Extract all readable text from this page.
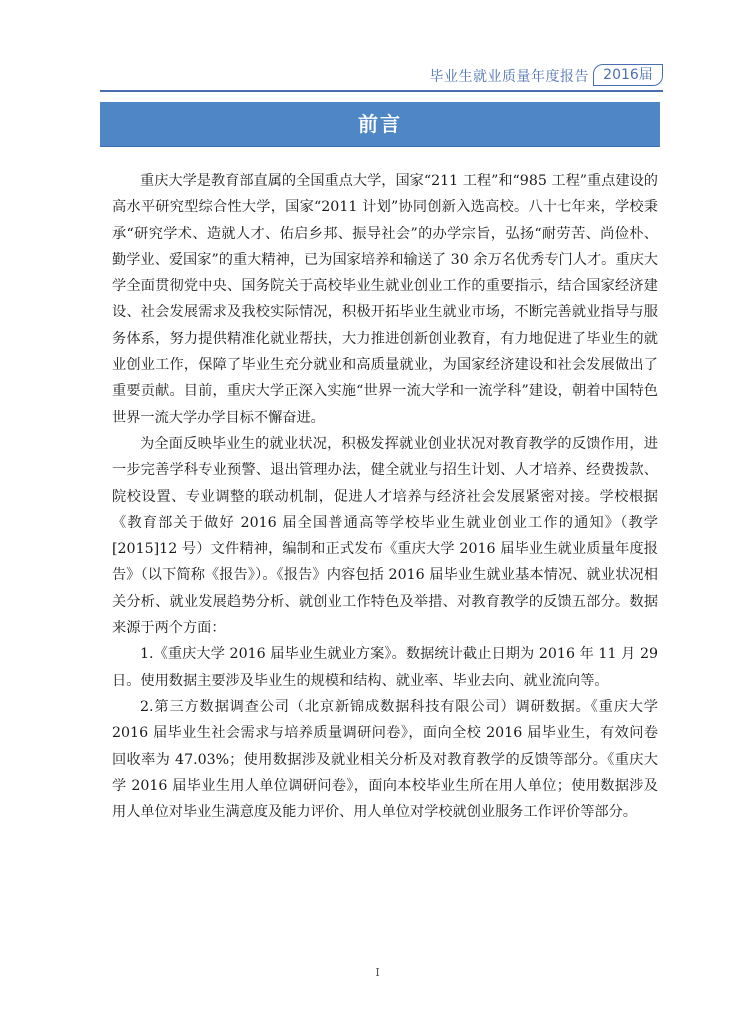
毕业生就业质量年度报告	2016届
前言

重庆大学是教育部直属的全国重点大学，国家“211 工程”和“985 工程”重点建设的高水平研究型综合性大学，国家“2011 计划”协同创新入选高校。八十七年来，学校秉承“研究学术、造就人才、佑启乡邦、振导社会”的办学宗旨，弘扬“耐劳苦、尚俭朴、勤学业、爱国家”的重大精神，已为国家培养和输送了 30 余万名优秀专门人才。重庆大学全面贯彻党中央、国务院关于高校毕业生就业创业工作的重要指示，结合国家经济建设、社会发展需求及我校实际情况，积极开拓毕业生就业市场，不断完善就业指导与服务体系，努力提供精准化就业帮扶，大力推进创新创业教育，有力地促进了毕业生的就业创业工作，保障了毕业生充分就业和高质量就业，为国家经济建设和社会发展做出了重要贡献。目前，重庆大学正深入实施“世界一流大学和一流学科”建设，朝着中国特色世界一流大学办学目标不懈奋进。

为全面反映毕业生的就业状况，积极发挥就业创业状况对教育教学的反馈作用，进一步完善学科专业预警、退出管理办法，健全就业与招生计划、人才培养、经费拨款、院校设置、专业调整的联动机制，促进人才培养与经济社会发展紧密对接。学校根据《教育部关于做好 2016 届全国普通高等学校毕业生就业创业工作的通知》（教学[2015]12 号）文件精神，编制和正式发布《重庆大学 2016 届毕业生就业质量年度报告》（以下简称《报告》）。《报告》内容包括 2016 届毕业生就业基本情况、就业状况相关分析、就业发展趋势分析、就创业工作特色及举措、对教育教学的反馈五部分。数据来源于两个方面：

1.《重庆大学 2016 届毕业生就业方案》。数据统计截止日期为 2016 年 11 月 29 日。使用数据主要涉及毕业生的规模和结构、就业率、毕业去向、就业流向等。

2.第三方数据调查公司（北京新锦成数据科技有限公司）调研数据。《重庆大学 2016 届毕业生社会需求与培养质量调研问卷》，面向全校 2016 届毕业生，有效问卷回收率为 47.03%；使用数据涉及就业相关分析及对教育教学的反馈等部分。《重庆大学 2016 届毕业生用人单位调研问卷》，面向本校毕业生所在用人单位；使用数据涉及用人单位对毕业生满意度及能力评价、用人单位对学校就创业服务工作评价等部分。

I
